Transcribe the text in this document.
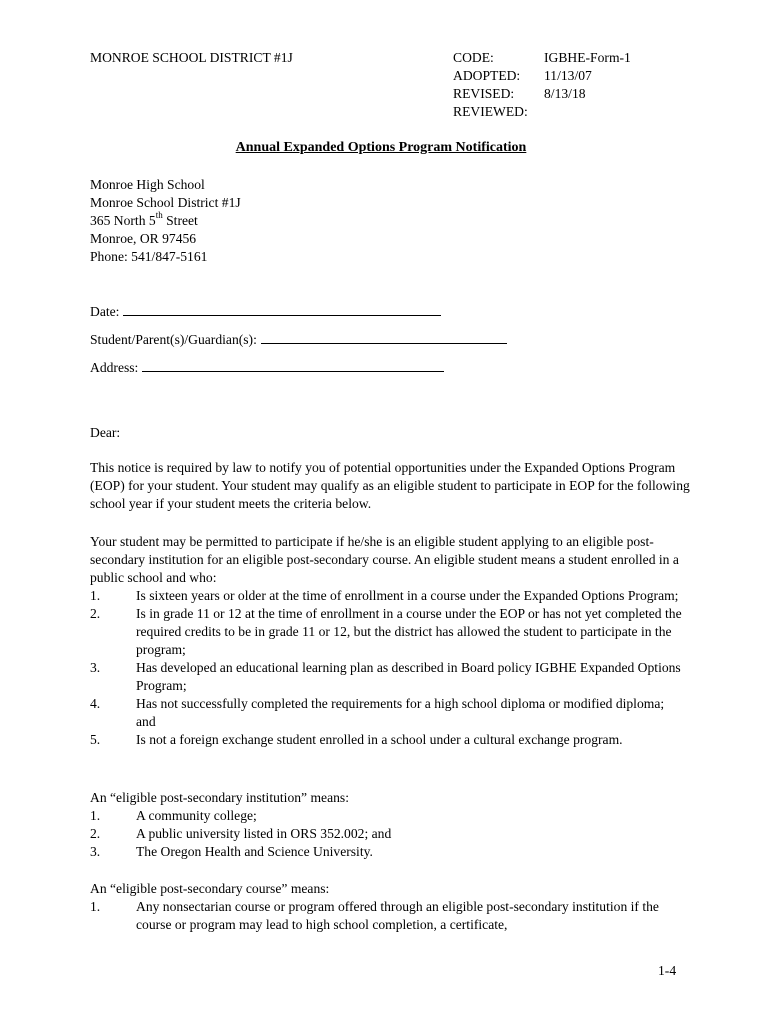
MONROE SCHOOL DISTRICT #1J	CODE:	IGBHE-Form-1
ADOPTED: 11/13/07
REVISED: 8/13/18
REVIEWED:
Annual Expanded Options Program Notification
Monroe High School
Monroe School District #1J
365 North 5th Street
Monroe, OR 97456
Phone: 541/847-5161
Date:
Student/Parent(s)/Guardian(s):
Address:
Dear:

This notice is required by law to notify you of potential opportunities under the Expanded Options Program (EOP) for your student. Your student may qualify as an eligible student to participate in EOP for the following school year if your student meets the criteria below.

Your student may be permitted to participate if he/she is an eligible student applying to an eligible post-secondary institution for an eligible post-secondary course. An eligible student means a student enrolled in a public school and who:

1.	Is sixteen years or older at the time of enrollment in a course under the Expanded Options Program;
2.	Is in grade 11 or 12 at the time of enrollment in a course under the EOP or has not yet completed the required credits to be in grade 11 or 12, but the district has allowed the student to participate in the program;
3.	Has developed an educational learning plan as described in Board policy IGBHE Expanded Options Program;
4.	Has not successfully completed the requirements for a high school diploma or modified diploma; and
5.	Is not a foreign exchange student enrolled in a school under a cultural exchange program.

An “eligible post-secondary institution” means:

1.	A community college;
2.	A public university listed in ORS 352.002; and
3.	The Oregon Health and Science University.

An “eligible post-secondary course” means:

1.	Any nonsectarian course or program offered through an eligible post-secondary institution if the course or program may lead to high school completion, a certificate,
1-4
